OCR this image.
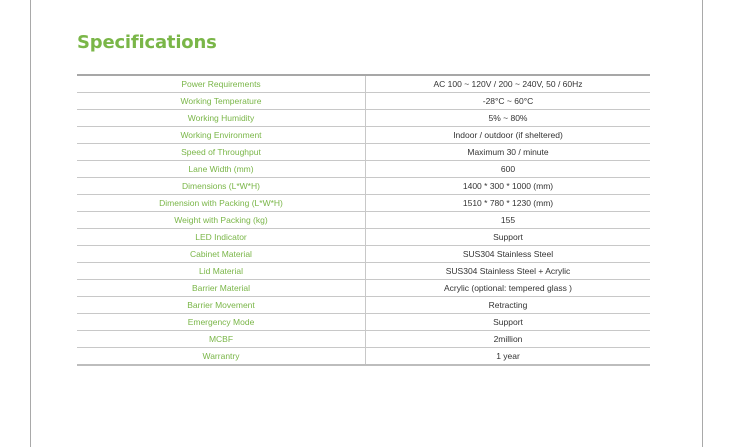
Specifications
Power Requirements	AC 100 ~ 120V / 200 ~ 240V, 50 / 60Hz
Working Temperature	-28°C ~ 60°C
Working Humidity	5% ~ 80%
Working Environment	Indoor / outdoor (if sheltered)
Speed of Throughput	Maximum 30 / minute
Lane Width (mm)	600
Dimensions (L*W*H)	1400 * 300 * 1000 (mm)
Dimension with Packing (L*W*H)	1510 * 780 * 1230 (mm)
Weight with Packing (kg)	155
LED Indicator	Support
Cabinet Material	SUS304 Stainless Steel
Lid Material	SUS304 Stainless Steel + Acrylic
Barrier Material	Acrylic (optional: tempered glass )
Barrier Movement	Retracting
Emergency Mode	Support
MCBF	2million
Warrantry	1 year
